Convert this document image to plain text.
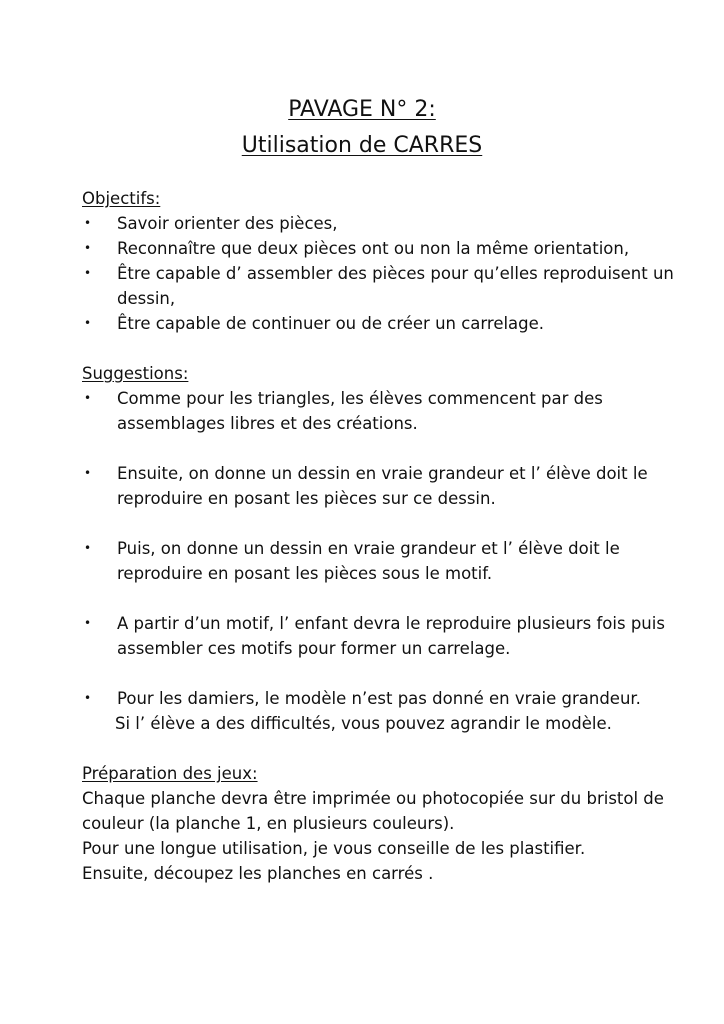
PAVAGE N° 2:
Utilisation de CARRES

Objectifs:

• Savoir orienter des pièces,
• Reconnaître que deux pièces ont ou non la même orientation,
• Être capable d’ assembler des pièces pour qu’elles reproduisent un dessin,
• Être capable de continuer ou de créer un carrelage.

Suggestions:

• Comme pour les triangles, les élèves commencent par des assemblages libres et des créations.
• Ensuite, on donne un dessin en vraie grandeur et l’ élève doit le reproduire en posant les pièces sur ce dessin.
• Puis, on donne un dessin en vraie grandeur et l’ élève doit le reproduire en posant les pièces sous le motif.
• A partir d’un motif, l’ enfant devra le reproduire plusieurs fois puis assembler ces motifs pour former un carrelage.
• Pour les damiers, le modèle n’est pas donné en vraie grandeur.
Si l’ élève a des difficultés, vous pouvez agrandir le modèle.

Préparation des jeux:

Chaque planche devra être imprimée ou photocopiée sur du bristol de couleur (la planche 1, en plusieurs couleurs).
Pour une longue utilisation, je vous conseille de les plastifier.
Ensuite, découpez les planches en carrés .
